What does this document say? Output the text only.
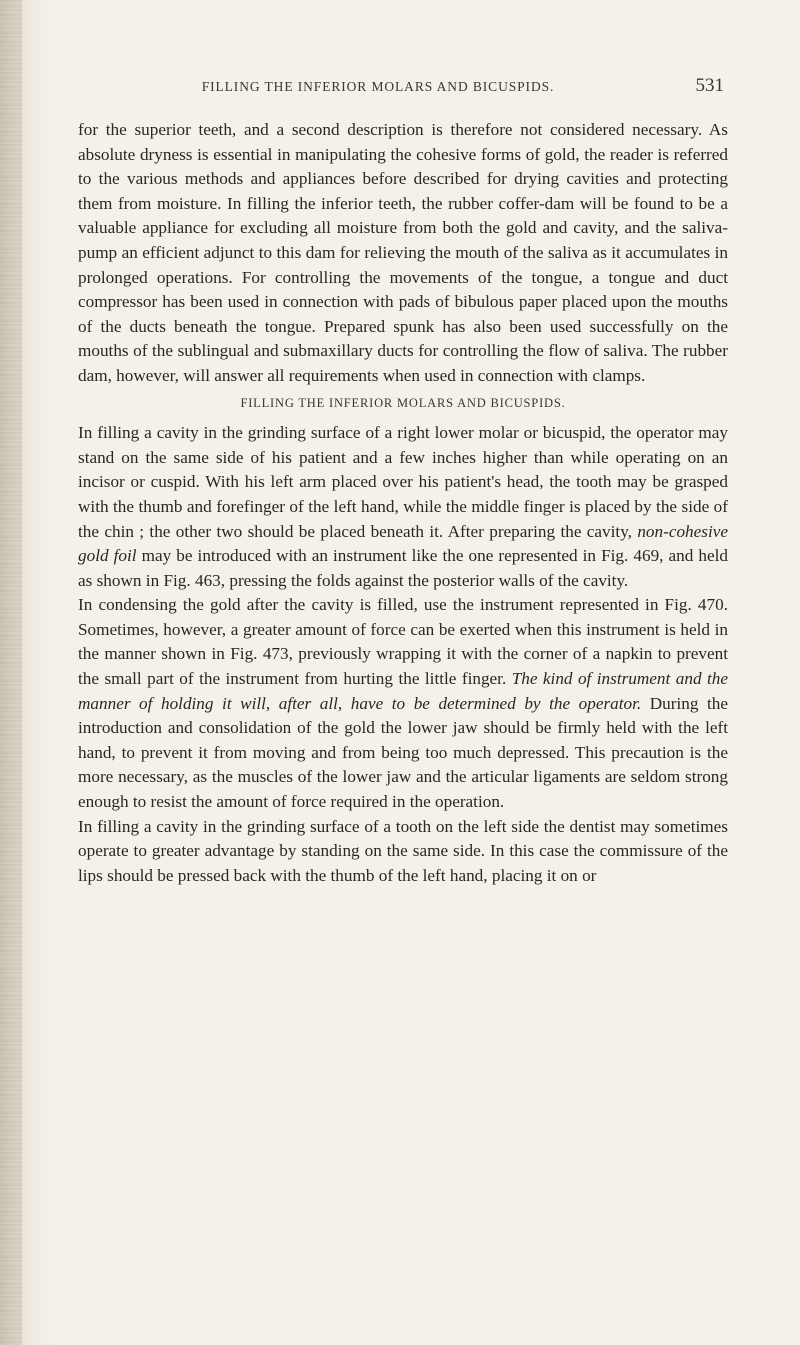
FILLING THE INFERIOR MOLARS AND BICUSPIDS.	531

for the superior teeth, and a second description is therefore not considered necessary. As absolute dryness is essential in manipulating the cohesive forms of gold, the reader is referred to the various methods and appliances before described for drying cavities and protecting them from moisture. In filling the inferior teeth, the rubber coffer-dam will be found to be a valuable appliance for excluding all moisture from both the gold and cavity, and the saliva-pump an efficient adjunct to this dam for relieving the mouth of the saliva as it accumulates in prolonged operations. For controlling the movements of the tongue, a tongue and duct compressor has been used in connection with pads of bibulous paper placed upon the mouths of the ducts beneath the tongue. Prepared spunk has also been used successfully on the mouths of the sublingual and submaxillary ducts for controlling the flow of saliva. The rubber dam, however, will answer all requirements when used in connection with clamps.

FILLING THE INFERIOR MOLARS AND BICUSPIDS.

In filling a cavity in the grinding surface of a right lower molar or bicuspid, the operator may stand on the same side of his patient and a few inches higher than while operating on an incisor or cuspid. With his left arm placed over his patient's head, the tooth may be grasped with the thumb and forefinger of the left hand, while the middle finger is placed by the side of the chin ; the other two should be placed beneath it. After preparing the cavity, non-cohesive gold foil may be introduced with an instrument like the one represented in Fig. 469, and held as shown in Fig. 463, pressing the folds against the posterior walls of the cavity.

In condensing the gold after the cavity is filled, use the instrument represented in Fig. 470. Sometimes, however, a greater amount of force can be exerted when this instrument is held in the manner shown in Fig. 473, previously wrapping it with the corner of a napkin to prevent the small part of the instrument from hurting the little finger. The kind of instrument and the manner of holding it will, after all, have to be determined by the operator. During the introduction and consolidation of the gold the lower jaw should be firmly held with the left hand, to prevent it from moving and from being too much depressed. This precaution is the more necessary, as the muscles of the lower jaw and the articular ligaments are seldom strong enough to resist the amount of force required in the operation.

In filling a cavity in the grinding surface of a tooth on the left side the dentist may sometimes operate to greater advantage by standing on the same side. In this case the commissure of the lips should be pressed back with the thumb of the left hand, placing it on or
